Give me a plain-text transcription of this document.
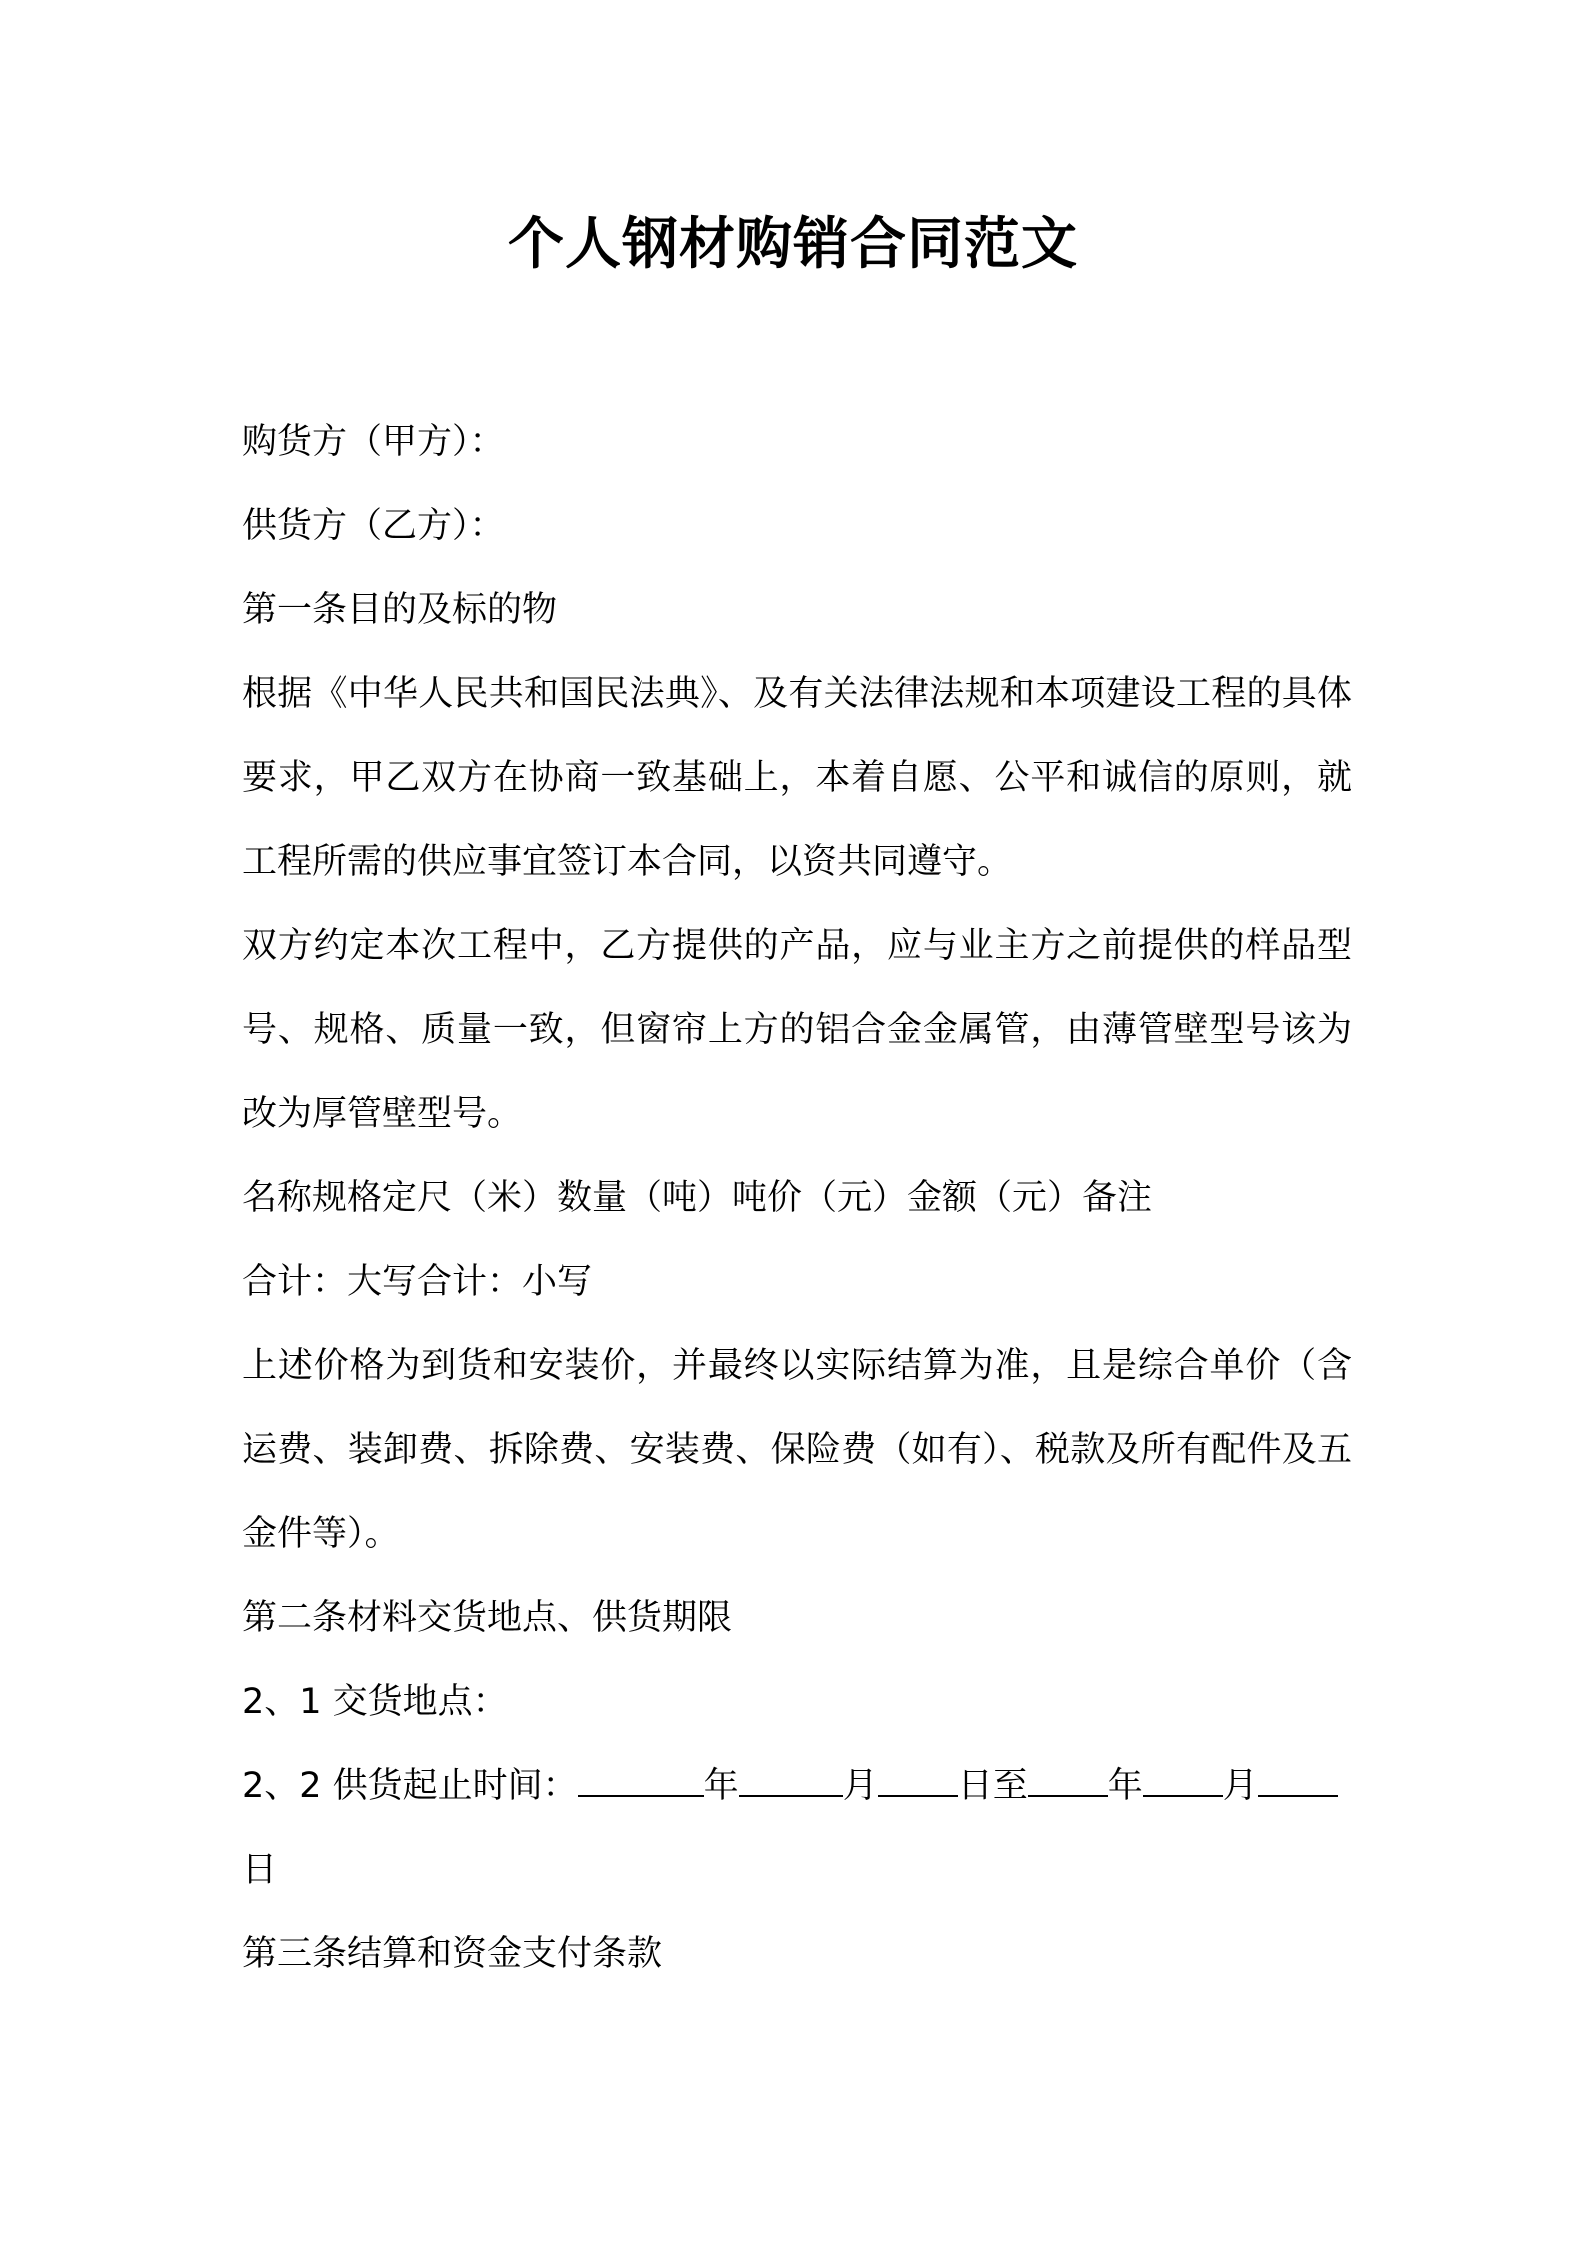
个人钢材购销合同范文

购货方（甲方）：

供货方（乙方）：

第一条目的及标的物

根据《中华人民共和国民法典》、及有关法律法规和本项建设工程的具体要求，甲乙双方在协商一致基础上，本着自愿、公平和诚信的原则，就工程所需的供应事宜签订本合同，以资共同遵守。

双方约定本次工程中，乙方提供的产品，应与业主方之前提供的样品型号、规格、质量一致，但窗帘上方的铝合金金属管，由薄管壁型号该为改为厚管壁型号。

名称规格定尺（米）数量（吨）吨价（元）金额（元）备注

合计：大写合计：小写

上述价格为到货和安装价，并最终以实际结算为准，且是综合单价（含运费、装卸费、拆除费、安装费、保险费（如有）、税款及所有配件及五金件等）。

第二条材料交货地点、供货期限

2、1 交货地点：

2、2 供货起止时间：	年	月 日至 年 月

日

第三条结算和资金支付条款
